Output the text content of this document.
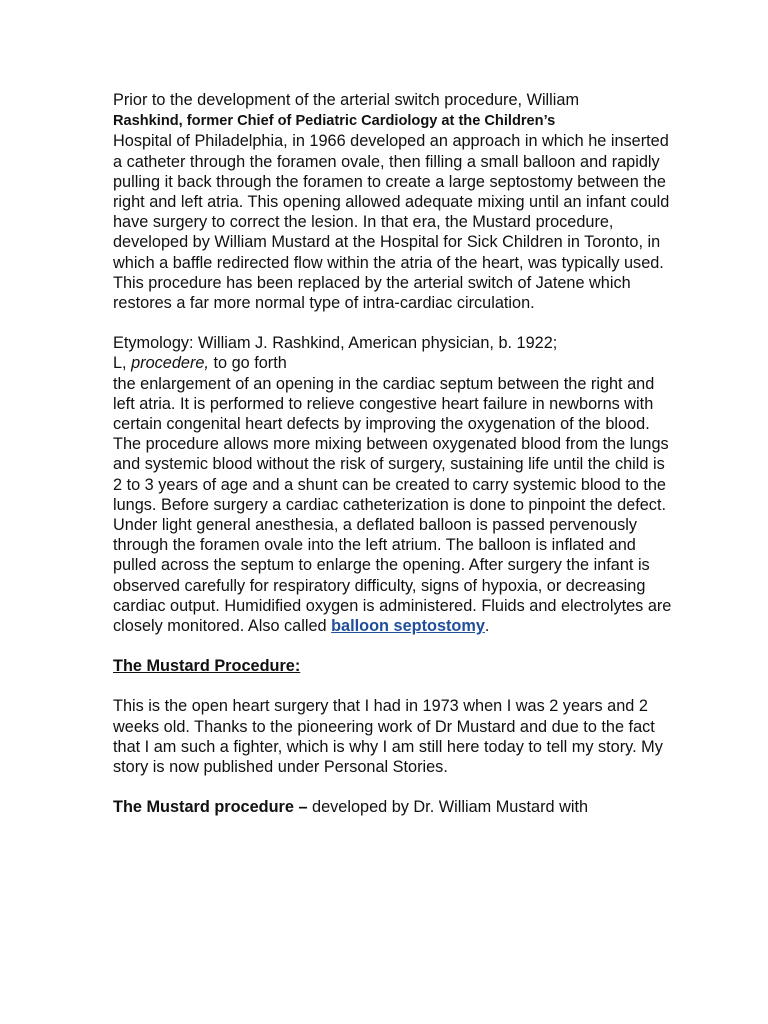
Prior to the development of the arterial switch procedure, William
Rashkind, former Chief of Pediatric Cardiology at the Children’s
Hospital of Philadelphia, in 1966 developed an approach in which he inserted a catheter through the foramen ovale, then filling a small balloon and rapidly pulling it back through the foramen to create a large septostomy between the right and left atria. This opening allowed adequate mixing until an infant could have surgery to correct the lesion. In that era, the Mustard procedure, developed by William Mustard at the Hospital for Sick Children in Toronto, in which a baffle redirected flow within the atria of the heart, was typically used. This procedure has been replaced by the arterial switch of Jatene which restores a far more normal type of intra-cardiac circulation.

Etymology: William J. Rashkind, American physician, b. 1922;
L, procedere, to go forth
the enlargement of an opening in the cardiac septum between the right and left atria. It is performed to relieve congestive heart failure in newborns with certain congenital heart defects by improving the oxygenation of the blood. The procedure allows more mixing between oxygenated blood from the lungs and systemic blood without the risk of surgery, sustaining life until the child is 2 to 3 years of age and a shunt can be created to carry systemic blood to the lungs. Before surgery a cardiac catheterization is done to pinpoint the defect. Under light general anesthesia, a deflated balloon is passed pervenously through the foramen ovale into the left atrium. The balloon is inflated and pulled across the septum to enlarge the opening. After surgery the infant is observed carefully for respiratory difficulty, signs of hypoxia, or decreasing cardiac output. Humidified oxygen is administered. Fluids and electrolytes are closely monitored. Also called balloon septostomy.

The Mustard Procedure:

This is the open heart surgery that I had in 1973 when I was 2 years and 2 weeks old. Thanks to the pioneering work of Dr Mustard and due to the fact that I am such a fighter, which is why I am still here today to tell my story. My story is now published under Personal Stories.

The Mustard procedure – developed by Dr. William Mustard with
